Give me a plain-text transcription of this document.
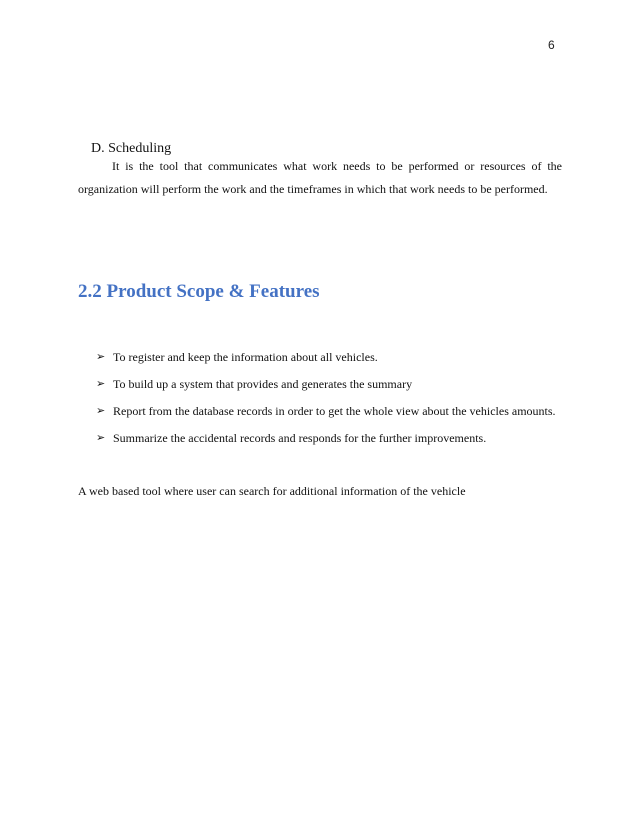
6
D. Scheduling
It is the tool that communicates what work needs to be performed or resources of the organization will perform the work and the timeframes in which that work needs to be performed.
2.2 Product Scope & Features
➢ To register and keep the information about all vehicles.
➢ To build up a system that provides and generates the summary
➢ Report from the database records in order to get the whole view about the vehicles amounts.
➢ Summarize the accidental records and responds for the further improvements.
A web based tool where user can search for additional information of the vehicle
